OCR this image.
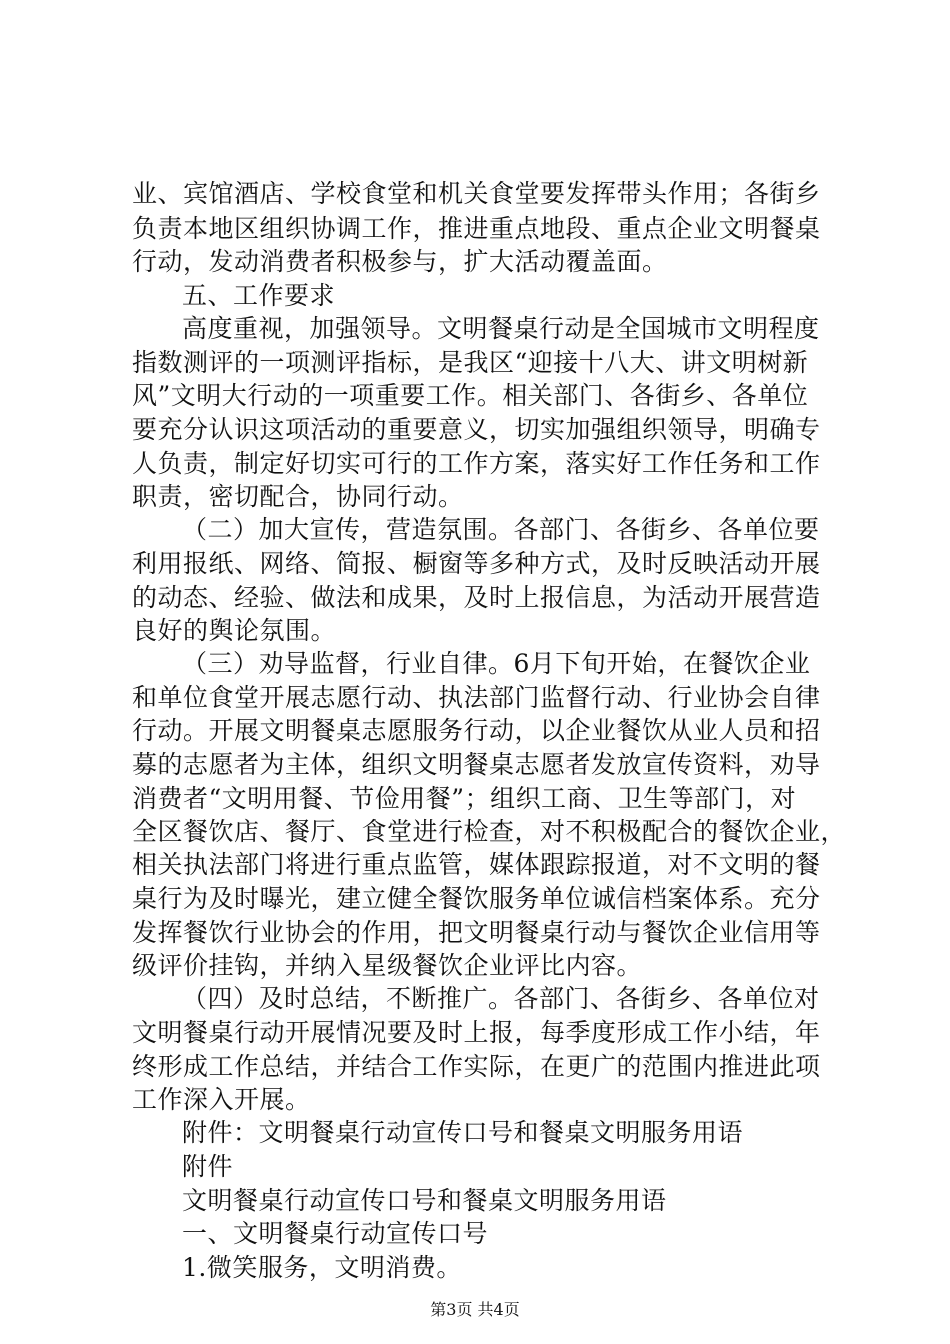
业、宾馆酒店、学校食堂和机关食堂要发挥带头作用；各街乡
负责本地区组织协调工作，推进重点地段、重点企业文明餐桌
行动，发动消费者积极参与，扩大活动覆盖面。
五、工作要求
高度重视，加强领导。文明餐桌行动是全国城市文明程度
指数测评的一项测评指标，是我区“迎接十八大、讲文明树新
风”文明大行动的一项重要工作。相关部门、各街乡、各单位
要充分认识这项活动的重要意义，切实加强组织领导，明确专
人负责，制定好切实可行的工作方案，落实好工作任务和工作
职责，密切配合，协同行动。
（二）加大宣传，营造氛围。各部门、各街乡、各单位要
利用报纸、网络、简报、橱窗等多种方式，及时反映活动开展
的动态、经验、做法和成果，及时上报信息，为活动开展营造
良好的舆论氛围。
（三）劝导监督，行业自律。6月下旬开始，在餐饮企业
和单位食堂开展志愿行动、执法部门监督行动、行业协会自律
行动。开展文明餐桌志愿服务行动，以企业餐饮从业人员和招
募的志愿者为主体，组织文明餐桌志愿者发放宣传资料，劝导
消费者“文明用餐、节俭用餐”；组织工商、卫生等部门，对
全区餐饮店、餐厅、食堂进行检查，对不积极配合的餐饮企业，
相关执法部门将进行重点监管，媒体跟踪报道，对不文明的餐
桌行为及时曝光，建立健全餐饮服务单位诚信档案体系。充分
发挥餐饮行业协会的作用，把文明餐桌行动与餐饮企业信用等
级评价挂钩，并纳入星级餐饮企业评比内容。
（四）及时总结，不断推广。各部门、各街乡、各单位对
文明餐桌行动开展情况要及时上报，每季度形成工作小结，年
终形成工作总结，并结合工作实际，在更广的范围内推进此项
工作深入开展。
附件：文明餐桌行动宣传口号和餐桌文明服务用语
附件
文明餐桌行动宣传口号和餐桌文明服务用语
一、文明餐桌行动宣传口号
1.微笑服务，文明消费。
第3页 共4页
